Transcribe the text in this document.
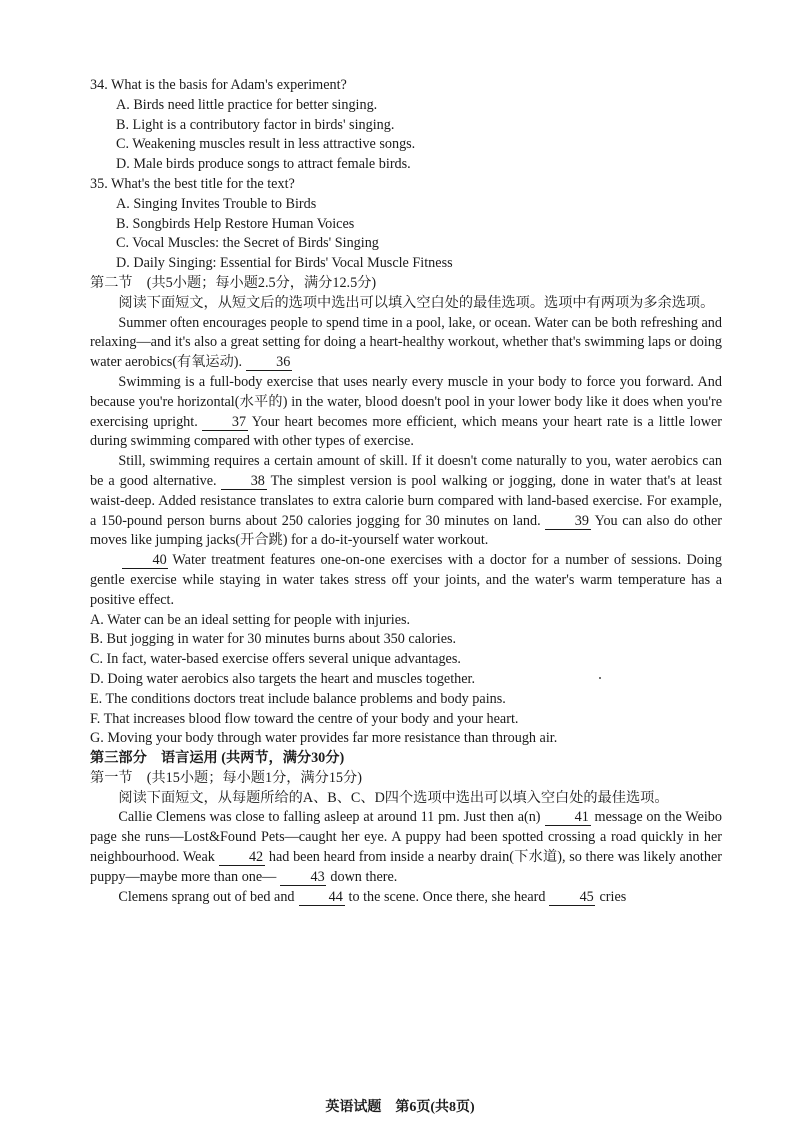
34. What is the basis for Adam's experiment?
A. Birds need little practice for better singing.
B. Light is a contributory factor in birds' singing.
C. Weakening muscles result in less attractive songs.
D. Male birds produce songs to attract female birds.
35. What's the best title for the text?
A. Singing Invites Trouble to Birds
B. Songbirds Help Restore Human Voices
C. Vocal Muscles: the Secret of Birds' Singing
D. Daily Singing: Essential for Birds' Vocal Muscle Fitness
第二节　(共5小题；每小题2.5分，满分12.5分)
阅读下面短文，从短文后的选项中选出可以填入空白处的最佳选项。选项中有两项为多余选项。
Summer often encourages people to spend time in a pool, lake, or ocean. Water can be both refreshing and relaxing—and it's also a great setting for doing a heart-healthy workout, whether that's swimming laps or doing water aerobics(有氧运动). 36
Swimming is a full-body exercise that uses nearly every muscle in your body to force you forward. And because you're horizontal(水平的) in the water, blood doesn't pool in your lower body like it does when you're exercising upright. 37 Your heart becomes more efficient, which means your heart rate is a little lower during swimming compared with other types of exercise.
Still, swimming requires a certain amount of skill. If it doesn't come naturally to you, water aerobics can be a good alternative. 38 The simplest version is pool walking or jogging, done in water that's at least waist-deep. Added resistance translates to extra calorie burn compared with land-based exercise. For example, a 150-pound person burns about 250 calories jogging for 30 minutes on land. 39 You can also do other moves like jumping jacks(开合跳) for a do-it-yourself water workout.
40 Water treatment features one-on-one exercises with a doctor for a number of sessions. Doing gentle exercise while staying in water takes stress off your joints, and the water's warm temperature has a positive effect.
A. Water can be an ideal setting for people with injuries.
B. But jogging in water for 30 minutes burns about 350 calories.
C. In fact, water-based exercise offers several unique advantages.
D. Doing water aerobics also targets the heart and muscles together.
E. The conditions doctors treat include balance problems and body pains.
F. That increases blood flow toward the centre of your body and your heart.
G. Moving your body through water provides far more resistance than through air.
第三部分　语言运用 (共两节，满分30分)
第一节　(共15小题；每小题1分，满分15分)
阅读下面短文，从每题所给的A、B、C、D四个选项中选出可以填入空白处的最佳选项。
Callie Clemens was close to falling asleep at around 11 pm. Just then a(n) 41 message on the Weibo page she runs—Lost&Found Pets—caught her eye. A puppy had been spotted crossing a road quickly in her neighbourhood. Weak 42 had been heard from inside a nearby drain(下水道), so there was likely another puppy—maybe more than one— 43 down there.
Clemens sprang out of bed and 44 to the scene. Once there, she heard 45 cries
英语试题　第6页(共8页)
